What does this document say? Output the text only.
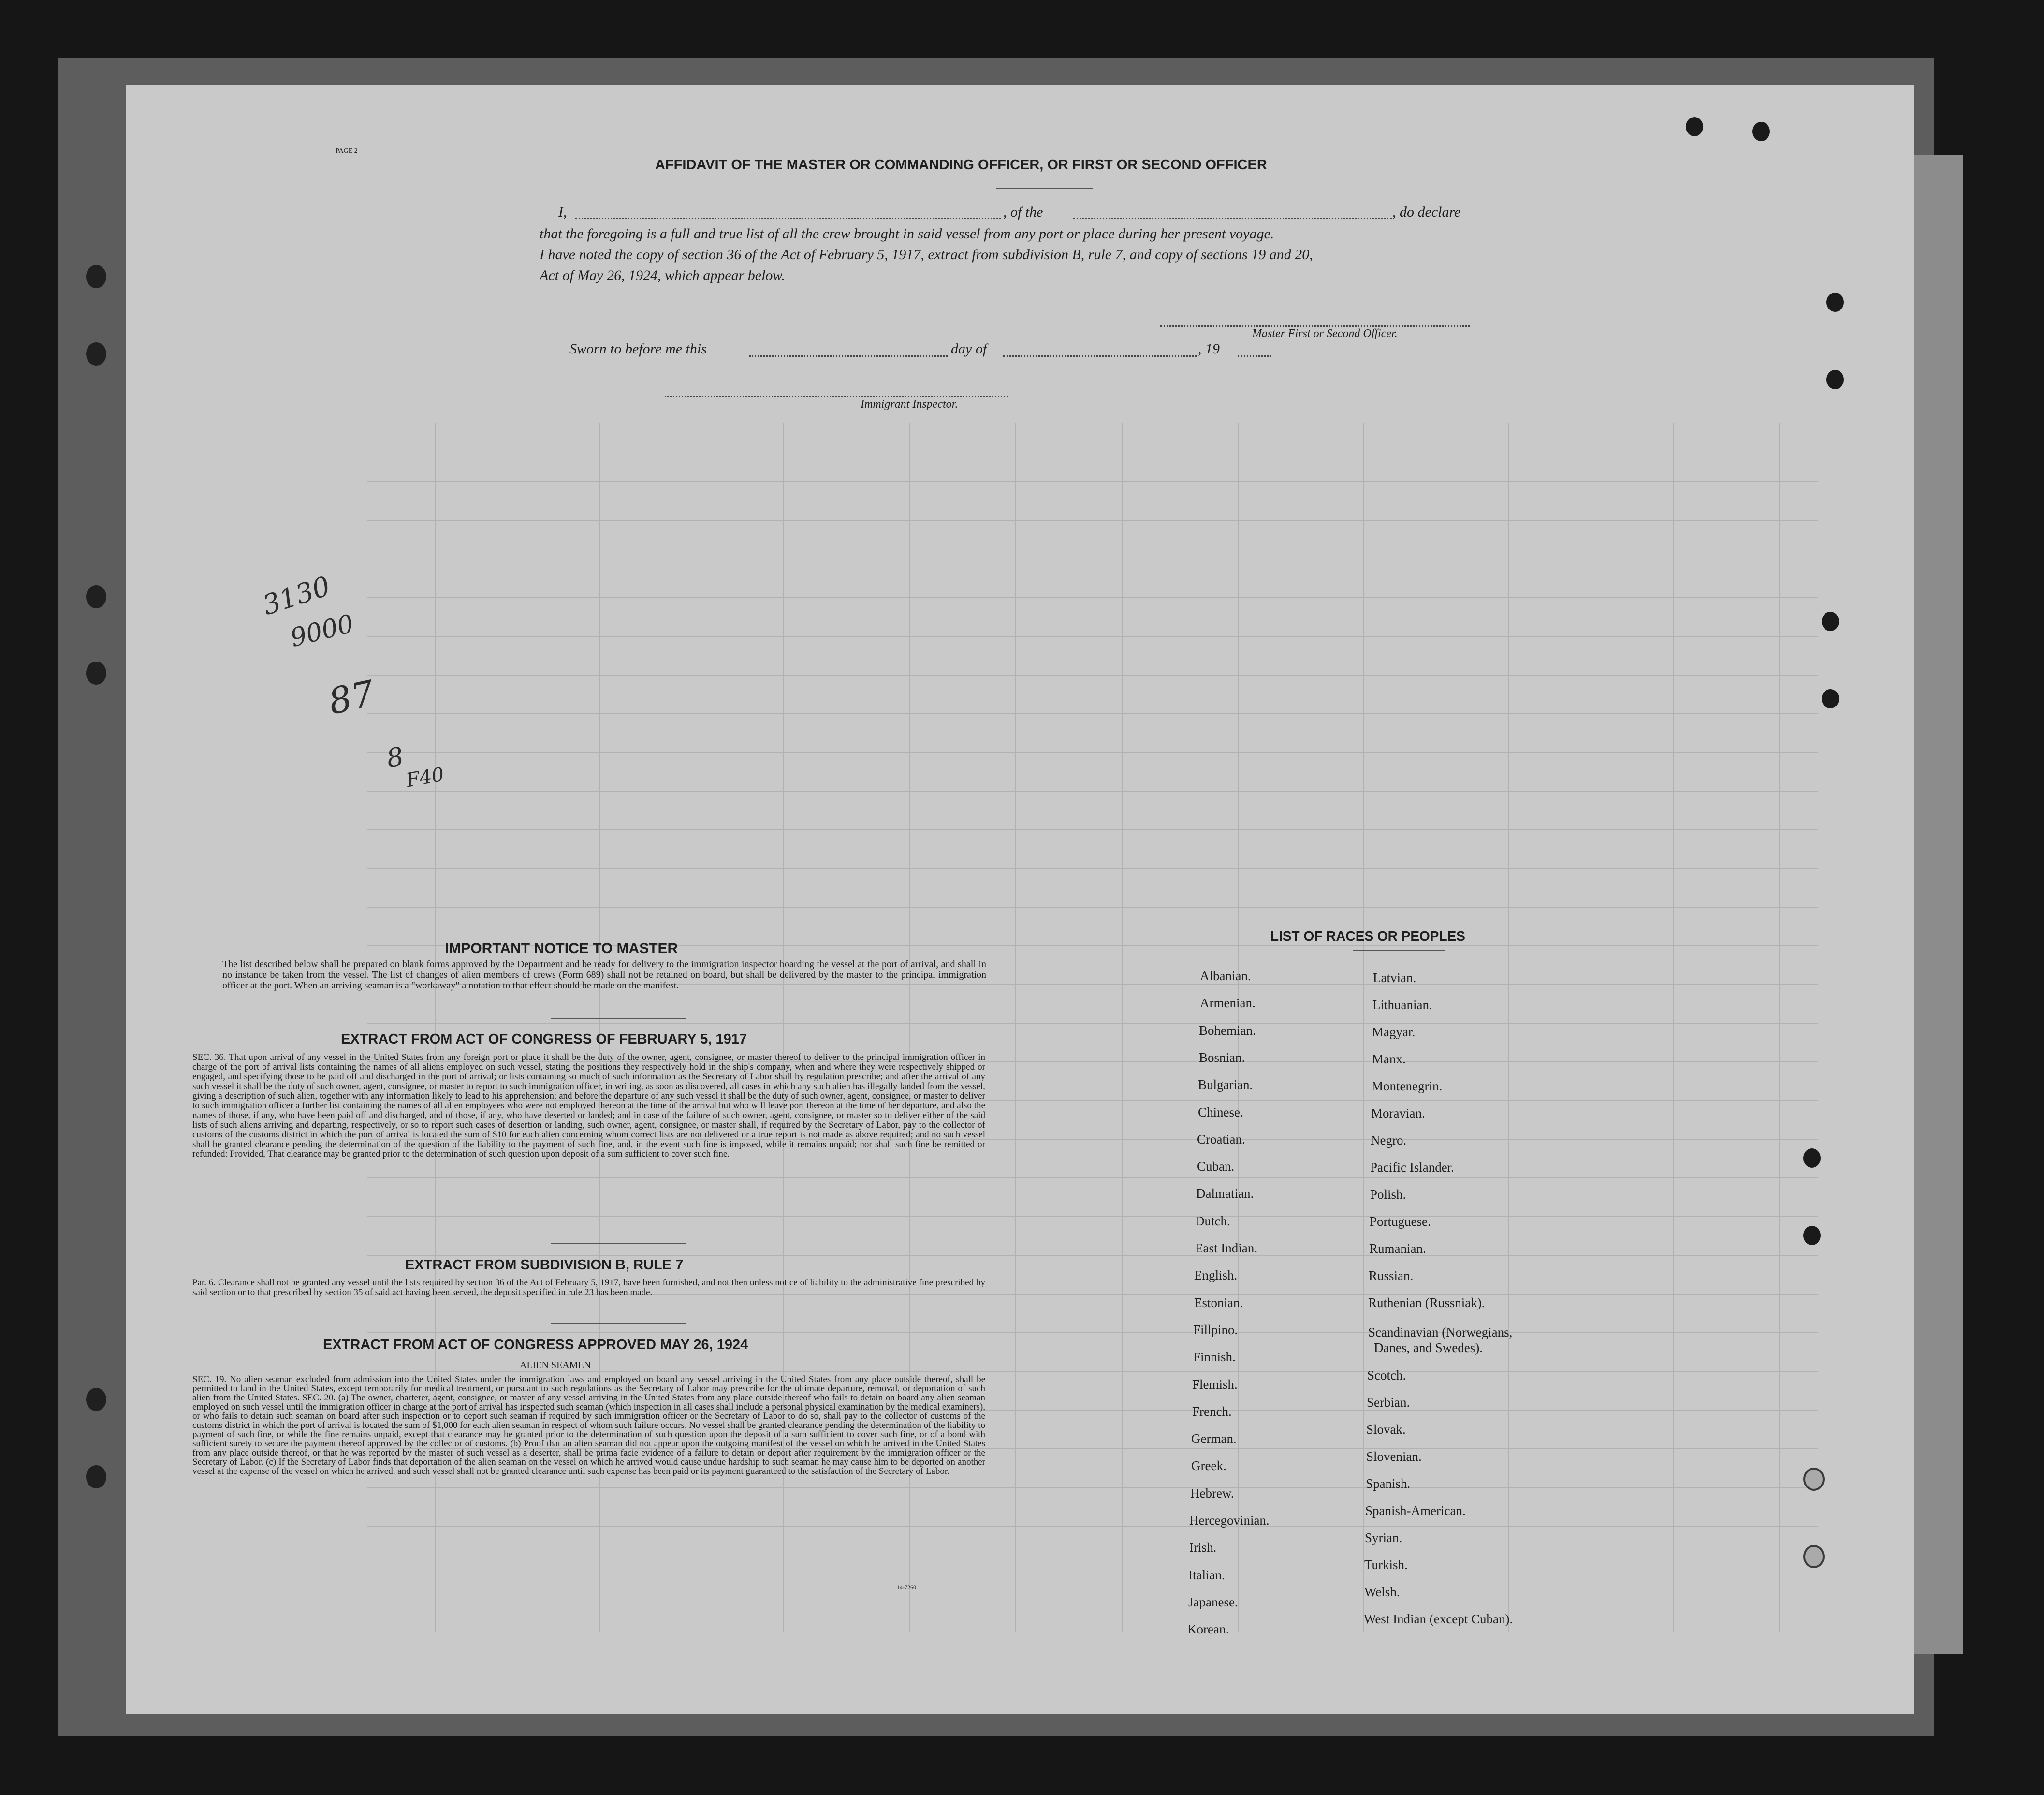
PAGE 2
AFFIDAVIT OF THE MASTER OR COMMANDING OFFICER, OR FIRST OR SECOND OFFICER
I,	, of the	, do declare
that the foregoing is a full and true list of all the crew brought in said vessel from any port or place during her present voyage.
I have noted the copy of section 36 of the Act of February 5, 1917, extract from subdivision B, rule 7, and copy of sections 19 and 20,
Act of May 26, 1924, which appear below.
Master First or Second Officer.
Sworn to before me this	day of	, 19
Immigrant Inspector.
3130
9000
87
8
F40
IMPORTANT NOTICE TO MASTER
The list described below shall be prepared on blank forms approved by the Department and be ready for delivery to the immigration inspector boarding the vessel at the port of arrival, and shall in no instance be taken from the vessel. The list of changes of alien members of crews (Form 689) shall not be retained on board, but shall be delivered by the master to the principal immigration officer at the port. When an arriving seaman is a "workaway" a notation to that effect should be made on the manifest.
EXTRACT FROM ACT OF CONGRESS OF FEBRUARY 5, 1917
SEC. 36. That upon arrival of any vessel in the United States from any foreign port or place it shall be the duty of the owner, agent, consignee, or master thereof to deliver to the principal immigration officer in charge of the port of arrival lists containing the names of all aliens employed on such vessel, stating the positions they respectively hold in the ship's company, when and where they were respectively shipped or engaged, and specifying those to be paid off and discharged in the port of arrival; or lists containing so much of such information as the Secretary of Labor shall by regulation prescribe; and after the arrival of any such vessel it shall be the duty of such owner, agent, consignee, or master to report to such immigration officer, in writing, as soon as discovered, all cases in which any such alien has illegally landed from the vessel, giving a description of such alien, together with any information likely to lead to his apprehension; and before the departure of any such vessel it shall be the duty of such owner, agent, consignee, or master to deliver to such immigration officer a further list containing the names of all alien employees who were not employed thereon at the time of the arrival but who will leave port thereon at the time of her departure, and also the names of those, if any, who have been paid off and discharged, and of those, if any, who have deserted or landed; and in case of the failure of such owner, agent, consignee, or master so to deliver either of the said lists of such aliens arriving and departing, respectively, or so to report such cases of desertion or landing, such owner, agent, consignee, or master shall, if required by the Secretary of Labor, pay to the collector of customs of the customs district in which the port of arrival is located the sum of $10 for each alien concerning whom correct lists are not delivered or a true report is not made as above required; and no such vessel shall be granted clearance pending the determination of the question of the liability to the payment of such fine, and, in the event such fine is imposed, while it remains unpaid; nor shall such fine be remitted or refunded: Provided, That clearance may be granted prior to the determination of such question upon deposit of a sum sufficient to cover such fine.
EXTRACT FROM SUBDIVISION B, RULE 7
Par. 6. Clearance shall not be granted any vessel until the lists required by section 36 of the Act of February 5, 1917, have been furnished, and not then unless notice of liability to the administrative fine prescribed by said section or to that prescribed by section 35 of said act having been served, the deposit specified in rule 23 has been made.
EXTRACT FROM ACT OF CONGRESS APPROVED MAY 26, 1924
ALIEN SEAMEN
SEC. 19. No alien seaman excluded from admission into the United States under the immigration laws and employed on board any vessel arriving in the United States from any place outside thereof, shall be permitted to land in the United States, except temporarily for medical treatment, or pursuant to such regulations as the Secretary of Labor may prescribe for the ultimate departure, removal, or deportation of such alien from the United States. SEC. 20. (a) The owner, charterer, agent, consignee, or master of any vessel arriving in the United States from any place outside thereof who fails to detain on board any alien seaman employed on such vessel until the immigration officer in charge at the port of arrival has inspected such seaman (which inspection in all cases shall include a personal physical examination by the medical examiners), or who fails to detain such seaman on board after such inspection or to deport such seaman if required by such immigration officer or the Secretary of Labor to do so, shall pay to the collector of customs of the customs district in which the port of arrival is located the sum of $1,000 for each alien seaman in respect of whom such failure occurs. No vessel shall be granted clearance pending the determination of the liability to payment of such fine, or while the fine remains unpaid, except that clearance may be granted prior to the determination of such question upon the deposit of a sum sufficient to cover such fine, or of a bond with sufficient surety to secure the payment thereof approved by the collector of customs. (b) Proof that an alien seaman did not appear upon the outgoing manifest of the vessel on which he arrived in the United States from any place outside thereof, or that he was reported by the master of such vessel as a deserter, shall be prima facie evidence of a failure to detain or deport after requirement by the immigration officer or the Secretary of Labor. (c) If the Secretary of Labor finds that deportation of the alien seaman on the vessel on which he arrived would cause undue hardship to such seaman he may cause him to be deported on another vessel at the expense of the vessel on which he arrived, and such vessel shall not be granted clearance until such expense has been paid or its payment guaranteed to the satisfaction of the Secretary of Labor.
14-7260
LIST OF RACES OR PEOPLES
Albanian.
Armenian.
Bohemian.
Bosnian.
Bulgarian.
Chinese.
Croatian.
Cuban.
Dalmatian.
Dutch.
East Indian.
English.
Estonian.
Fillpino.
Finnish.
Flemish.
French.
German.
Greek.
Hebrew.
Hercegovinian.
Irish.
Italian.
Japanese.
Korean.
Latvian.
Lithuanian.
Magyar.
Manx.
Montenegrin.
Moravian.
Negro.
Pacific Islander.
Polish.
Portuguese.
Rumanian.
Russian.
Ruthenian (Russniak).
Scandinavian (Norwegians,
Danes, and Swedes).
Scotch.
Serbian.
Slovak.
Slovenian.
Spanish.
Spanish-American.
Syrian.
Turkish.
Welsh.
West Indian (except Cuban).
